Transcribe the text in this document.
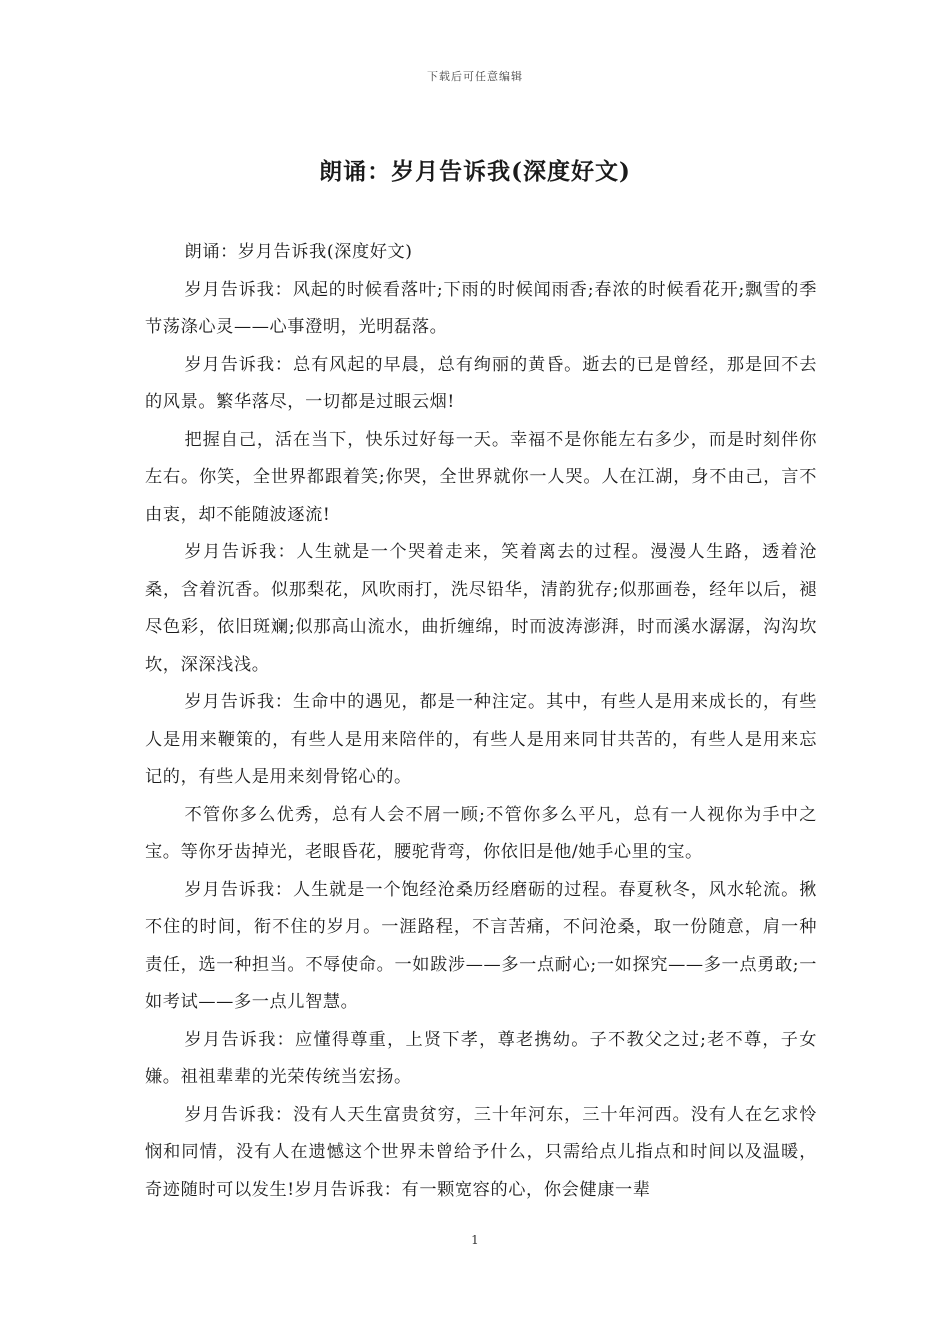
下载后可任意编辑
朗诵：岁月告诉我(深度好文)

朗诵：岁月告诉我(深度好文)

岁月告诉我：风起的时候看落叶;下雨的时候闻雨香;春浓的时候看花开;飘雪的季节荡涤心灵——心事澄明，光明磊落。

岁月告诉我：总有风起的早晨，总有绚丽的黄昏。逝去的已是曾经，那是回不去的风景。繁华落尽，一切都是过眼云烟!

把握自己，活在当下，快乐过好每一天。幸福不是你能左右多少，而是时刻伴你左右。你笑，全世界都跟着笑;你哭，全世界就你一人哭。人在江湖，身不由己，言不由衷，却不能随波逐流!

岁月告诉我：人生就是一个哭着走来，笑着离去的过程。漫漫人生路，透着沧桑，含着沉香。似那梨花，风吹雨打，洗尽铅华，清韵犹存;似那画卷，经年以后，褪尽色彩，依旧斑斓;似那高山流水，曲折缠绵，时而波涛澎湃，时而溪水潺潺，沟沟坎坎，深深浅浅。

岁月告诉我：生命中的遇见，都是一种注定。其中，有些人是用来成长的，有些人是用来鞭策的，有些人是用来陪伴的，有些人是用来同甘共苦的，有些人是用来忘记的，有些人是用来刻骨铭心的。

不管你多么优秀，总有人会不屑一顾;不管你多么平凡，总有一人视你为手中之宝。等你牙齿掉光，老眼昏花，腰驼背弯，你依旧是他/她手心里的宝。

岁月告诉我：人生就是一个饱经沧桑历经磨砺的过程。春夏秋冬，风水轮流。揪不住的时间，衔不住的岁月。一涯路程，不言苦痛，不问沧桑，取一份随意，肩一种责任，选一种担当。不辱使命。一如跋涉——多一点耐心;一如探究——多一点勇敢;一如考试——多一点儿智慧。

岁月告诉我：应懂得尊重，上贤下孝，尊老携幼。子不教父之过;老不尊，子女嫌。祖祖辈辈的光荣传统当宏扬。

岁月告诉我：没有人天生富贵贫穷，三十年河东，三十年河西。没有人在乞求怜悯和同情，没有人在遗憾这个世界未曾给予什么，只需给点儿指点和时间以及温暖，奇迹随时可以发生!岁月告诉我：有一颗宽容的心，你会健康一辈

1
